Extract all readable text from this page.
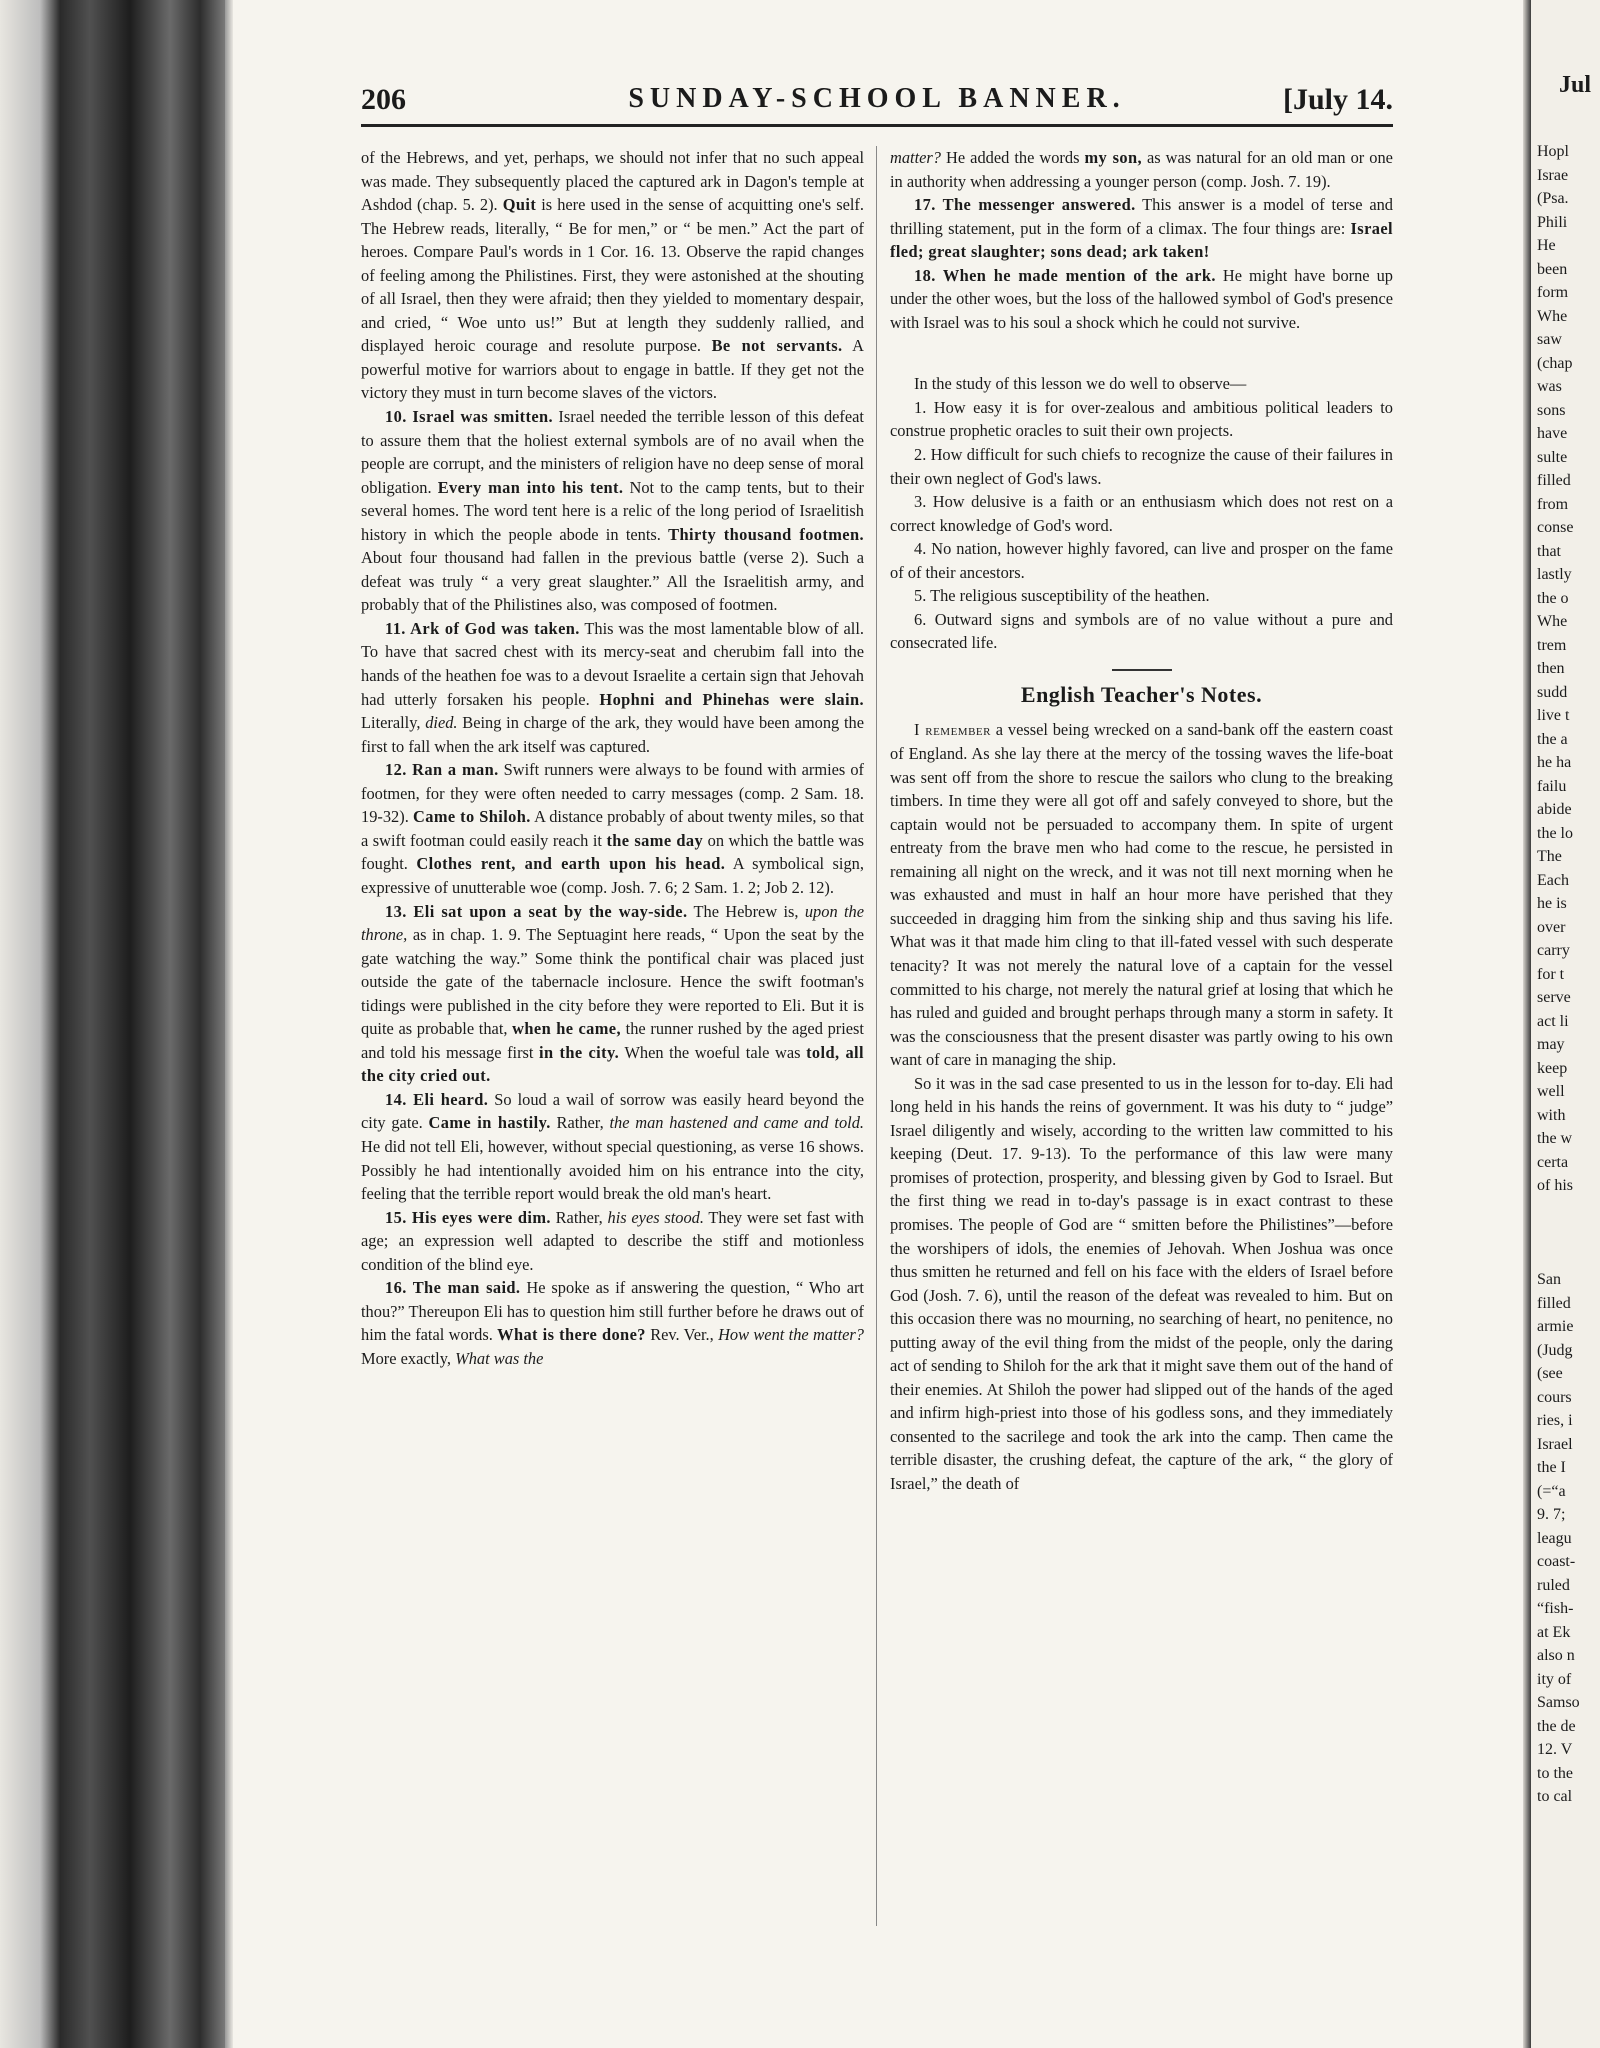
206	SUNDAY-SCHOOL BANNER.	[July 14.

of the Hebrews, and yet, perhaps, we should not infer that no such appeal was made. They subsequently placed the captured ark in Dagon's temple at Ashdod (chap. 5. 2). Quit is here used in the sense of acquitting one's self. The Hebrew reads, literally, “ Be for men,” or “ be men.” Act the part of heroes. Compare Paul's words in 1 Cor. 16. 13. Observe the rapid changes of feeling among the Philistines. First, they were astonished at the shouting of all Israel, then they were afraid; then they yielded to momentary despair, and cried, “ Woe unto us!” But at length they suddenly rallied, and displayed heroic courage and resolute purpose. Be not servants. A powerful motive for warriors about to engage in battle. If they get not the victory they must in turn become slaves of the victors.

10. Israel was smitten. Israel needed the terrible lesson of this defeat to assure them that the holiest external symbols are of no avail when the people are corrupt, and the ministers of religion have no deep sense of moral obligation. Every man into his tent. Not to the camp tents, but to their several homes. The word tent here is a relic of the long period of Israelitish history in which the people abode in tents. Thirty thousand footmen. About four thousand had fallen in the previous battle (verse 2). Such a defeat was truly “ a very great slaughter.” All the Israelitish army, and probably that of the Philistines also, was composed of footmen.

11. Ark of God was taken. This was the most lamentable blow of all. To have that sacred chest with its mercy-seat and cherubim fall into the hands of the heathen foe was to a devout Israelite a certain sign that Jehovah had utterly forsaken his people. Hophni and Phinehas were slain. Literally, died. Being in charge of the ark, they would have been among the first to fall when the ark itself was captured.

12. Ran a man. Swift runners were always to be found with armies of footmen, for they were often needed to carry messages (comp. 2 Sam. 18. 19-32). Came to Shiloh. A distance probably of about twenty miles, so that a swift footman could easily reach it the same day on which the battle was fought. Clothes rent, and earth upon his head. A symbolical sign, expressive of unutterable woe (comp. Josh. 7. 6; 2 Sam. 1. 2; Job 2. 12).

13. Eli sat upon a seat by the way-side. The Hebrew is, upon the throne, as in chap. 1. 9. The Septuagint here reads, “ Upon the seat by the gate watching the way.” Some think the pontifical chair was placed just outside the gate of the tabernacle inclosure. Hence the swift footman's tidings were published in the city before they were reported to Eli. But it is quite as probable that, when he came, the runner rushed by the aged priest and told his message first in the city. When the woeful tale was told, all the city cried out.

14. Eli heard. So loud a wail of sorrow was easily heard beyond the city gate. Came in hastily. Rather, the man hastened and came and told. He did not tell Eli, however, without special questioning, as verse 16 shows. Possibly he had intentionally avoided him on his entrance into the city, feeling that the terrible report would break the old man's heart.

15. His eyes were dim. Rather, his eyes stood. They were set fast with age; an expression well adapted to describe the stiff and motionless condition of the blind eye.

16. The man said. He spoke as if answering the question, “ Who art thou?” Thereupon Eli has to question him still further before he draws out of him the fatal words. What is there done? Rev. Ver., How went the matter? More exactly, What was the

matter? He added the words my son, as was natural for an old man or one in authority when addressing a younger person (comp. Josh. 7. 19).

17. The messenger answered. This answer is a model of terse and thrilling statement, put in the form of a climax. The four things are: Israel fled; great slaughter; sons dead; ark taken!

18. When he made mention of the ark. He might have borne up under the other woes, but the loss of the hallowed symbol of God's presence with Israel was to his soul a shock which he could not survive.

In the study of this lesson we do well to observe—

1. How easy it is for over-zealous and ambitious political leaders to construe prophetic oracles to suit their own projects.

2. How difficult for such chiefs to recognize the cause of their failures in their own neglect of God's laws.

3. How delusive is a faith or an enthusiasm which does not rest on a correct knowledge of God's word.

4. No nation, however highly favored, can live and prosper on the fame of of their ancestors.

5. The religious susceptibility of the heathen.

6. Outward signs and symbols are of no value without a pure and consecrated life.

English Teacher's Notes.

I remember a vessel being wrecked on a sand-bank off the eastern coast of England. As she lay there at the mercy of the tossing waves the life-boat was sent off from the shore to rescue the sailors who clung to the breaking timbers. In time they were all got off and safely conveyed to shore, but the captain would not be persuaded to accompany them. In spite of urgent entreaty from the brave men who had come to the rescue, he persisted in remaining all night on the wreck, and it was not till next morning when he was exhausted and must in half an hour more have perished that they succeeded in dragging him from the sinking ship and thus saving his life. What was it that made him cling to that ill-fated vessel with such desperate tenacity? It was not merely the natural love of a captain for the vessel committed to his charge, not merely the natural grief at losing that which he has ruled and guided and brought perhaps through many a storm in safety. It was the consciousness that the present disaster was partly owing to his own want of care in managing the ship.

So it was in the sad case presented to us in the lesson for to-day. Eli had long held in his hands the reins of government. It was his duty to “ judge” Israel diligently and wisely, according to the written law committed to his keeping (Deut. 17. 9-13). To the performance of this law were many promises of protection, prosperity, and blessing given by God to Israel. But the first thing we read in to-day's passage is in exact contrast to these promises. The people of God are “ smitten before the Philistines”—before the worshipers of idols, the enemies of Jehovah. When Joshua was once thus smitten he returned and fell on his face with the elders of Israel before God (Josh. 7. 6), until the reason of the defeat was revealed to him. But on this occasion there was no mourning, no searching of heart, no penitence, no putting away of the evil thing from the midst of the people, only the daring act of sending to Shiloh for the ark that it might save them out of the hand of their enemies. At Shiloh the power had slipped out of the hands of the aged and infirm high-priest into those of his godless sons, and they immediately consented to the sacrilege and took the ark into the camp. Then came the terrible disaster, the crushing defeat, the capture of the ark, “ the glory of Israel,” the death of

Jul
Hopl
Israe
(Psa.
Phili
He
been
form
Whe
saw
(chap
was
sons
have
sulte
filled
from
conse
that
lastly
the o
Whe
trem
then
sudd
live t
the a
he ha
failu
abide
the lo
The
Each
he is
over
carry
for t
serve
act li
may
keep
well
with
the w
certa
of his
San
filled
armie
(Judg
(see
cours
ries, i
Israel
the I
(=“a
9. 7;
leagu
coast-
ruled
“fish-
at Ek
also n
ity of
Samso
the de
12. V
to the
to cal
